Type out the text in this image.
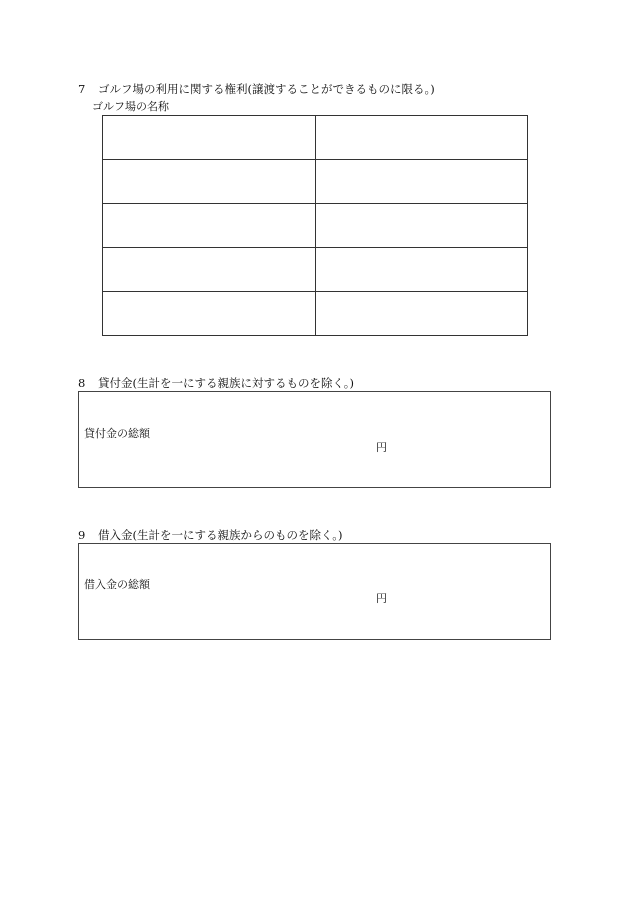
7 ゴルフ場の利用に関する権利(譲渡することができるものに限る。)
ゴルフ場の名称

8 貸付金(生計を一にする親族に対するものを除く。)
貸付金の総額
円
9 借入金(生計を一にする親族からのものを除く。)
借入金の総額
円
